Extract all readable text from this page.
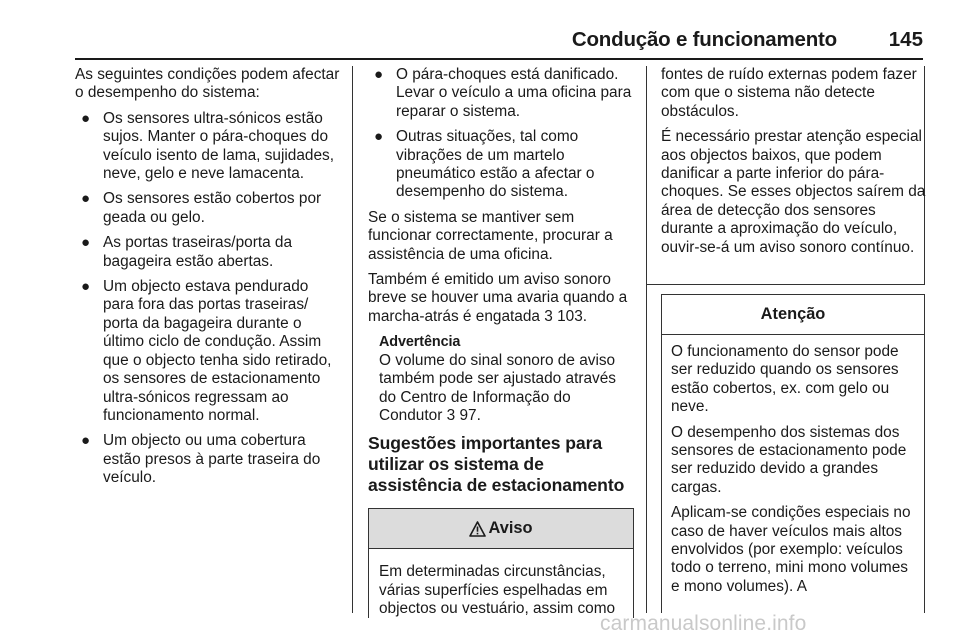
Condução e funcionamento	145

As seguintes condições podem afectar o desempenho do sistema:

● Os sensores ultra-sónicos estão sujos. Manter o pára-choques do veículo isento de lama, sujidades, neve, gelo e neve lamacenta.
● Os sensores estão cobertos por geada ou gelo.
● As portas traseiras/porta da bagageira estão abertas.
● Um objecto estava pendurado para fora das portas traseiras/ porta da bagageira durante o último ciclo de condução. Assim que o objecto tenha sido retirado, os sensores de estacionamento ultra-sónicos regressam ao funcionamento normal.
● Um objecto ou uma cobertura estão presos à parte traseira do veículo.
● O pára-choques está danificado. Levar o veículo a uma oficina para reparar o sistema.
● Outras situações, tal como vibrações de um martelo pneumático estão a afectar o desempenho do sistema.

Se o sistema se mantiver sem funcionar correctamente, procurar a assistência de uma oficina.

Também é emitido um aviso sonoro breve se houver uma avaria quando a marcha-atrás é engatada 3 103.

Advertência
O volume do sinal sonoro de aviso também pode ser ajustado através do Centro de Informação do Condutor 3 97.
Sugestões importantes para utilizar os sistema de assistência de estacionamento
Aviso
Em determinadas circunstâncias, várias superfícies espelhadas em objectos ou vestuário, assim como

fontes de ruído externas podem fazer com que o sistema não detecte obstáculos.

É necessário prestar atenção especial aos objectos baixos, que podem danificar a parte inferior do pára-choques. Se esses objectos saírem da área de detecção dos sensores durante a aproximação do veículo, ouvir-se-á um aviso sonoro contínuo.

Atenção

O funcionamento do sensor pode ser reduzido quando os sensores estão cobertos, ex. com gelo ou neve.

O desempenho dos sistemas dos sensores de estacionamento pode ser reduzido devido a grandes cargas.

Aplicam-se condições especiais no caso de haver veículos mais altos envolvidos (por exemplo: veículos todo o terreno, mini mono volumes e mono volumes). A

carmanualsonline.info
